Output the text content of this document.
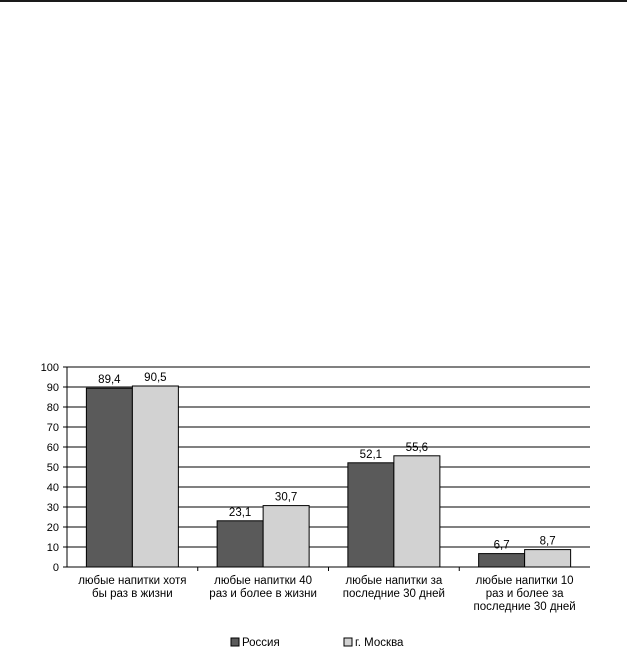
0
10
20
30
40
50
60
70
80
90
100
89,4 90,5
любые напитки хотя
бы раз в жизни
23,1
30,7
любые напитки 40
раз и более в жизни
52,1
55,6
любые напитки за
последние 30 дней
6,7	8,7
любые напитки 10
раз и более за
последние 30 дней
Россия	г. Москва
